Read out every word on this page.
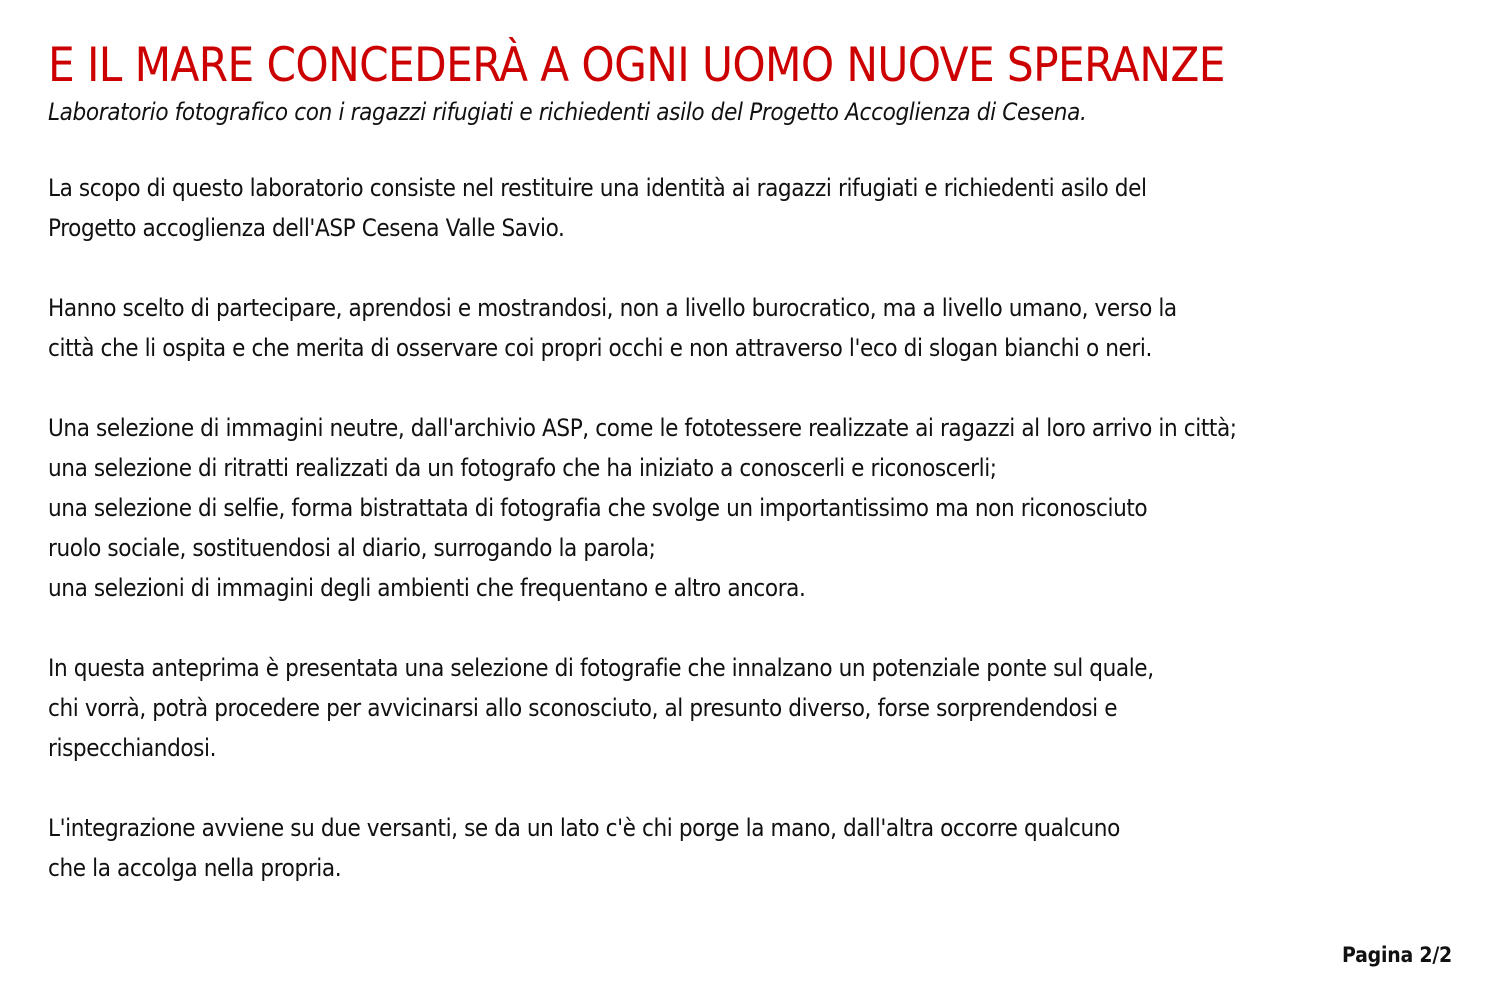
E IL MARE CONCEDERÀ A OGNI UOMO NUOVE SPERANZE

Laboratorio fotografico con i ragazzi rifugiati e richiedenti asilo del Progetto Accoglienza di Cesena.

La scopo di questo laboratorio consiste nel restituire una identità ai ragazzi rifugiati e richiedenti asilo del
Progetto accoglienza dell'ASP Cesena Valle Savio.

Hanno scelto di partecipare, aprendosi e mostrandosi, non a livello burocratico, ma a livello umano, verso la
città che li ospita e che merita di osservare coi propri occhi e non attraverso l'eco di slogan bianchi o neri.

Una selezione di immagini neutre, dall'archivio ASP, come le fototessere realizzate ai ragazzi al loro arrivo in città;
una selezione di ritratti realizzati da un fotografo che ha iniziato a conoscerli e riconoscerli;
una selezione di selfie, forma bistrattata di fotografia che svolge un importantissimo ma non riconosciuto
ruolo sociale, sostituendosi al diario, surrogando la parola;
una selezioni di immagini degli ambienti che frequentano e altro ancora.

In questa anteprima è presentata una selezione di fotografie che innalzano un potenziale ponte sul quale,
chi vorrà, potrà procedere per avvicinarsi allo sconosciuto, al presunto diverso, forse sorprendendosi e
rispecchiandosi.

L'integrazione avviene su due versanti, se da un lato c'è chi porge la mano, dall'altra occorre qualcuno
che la accolga nella propria.

Pagina 2/2
